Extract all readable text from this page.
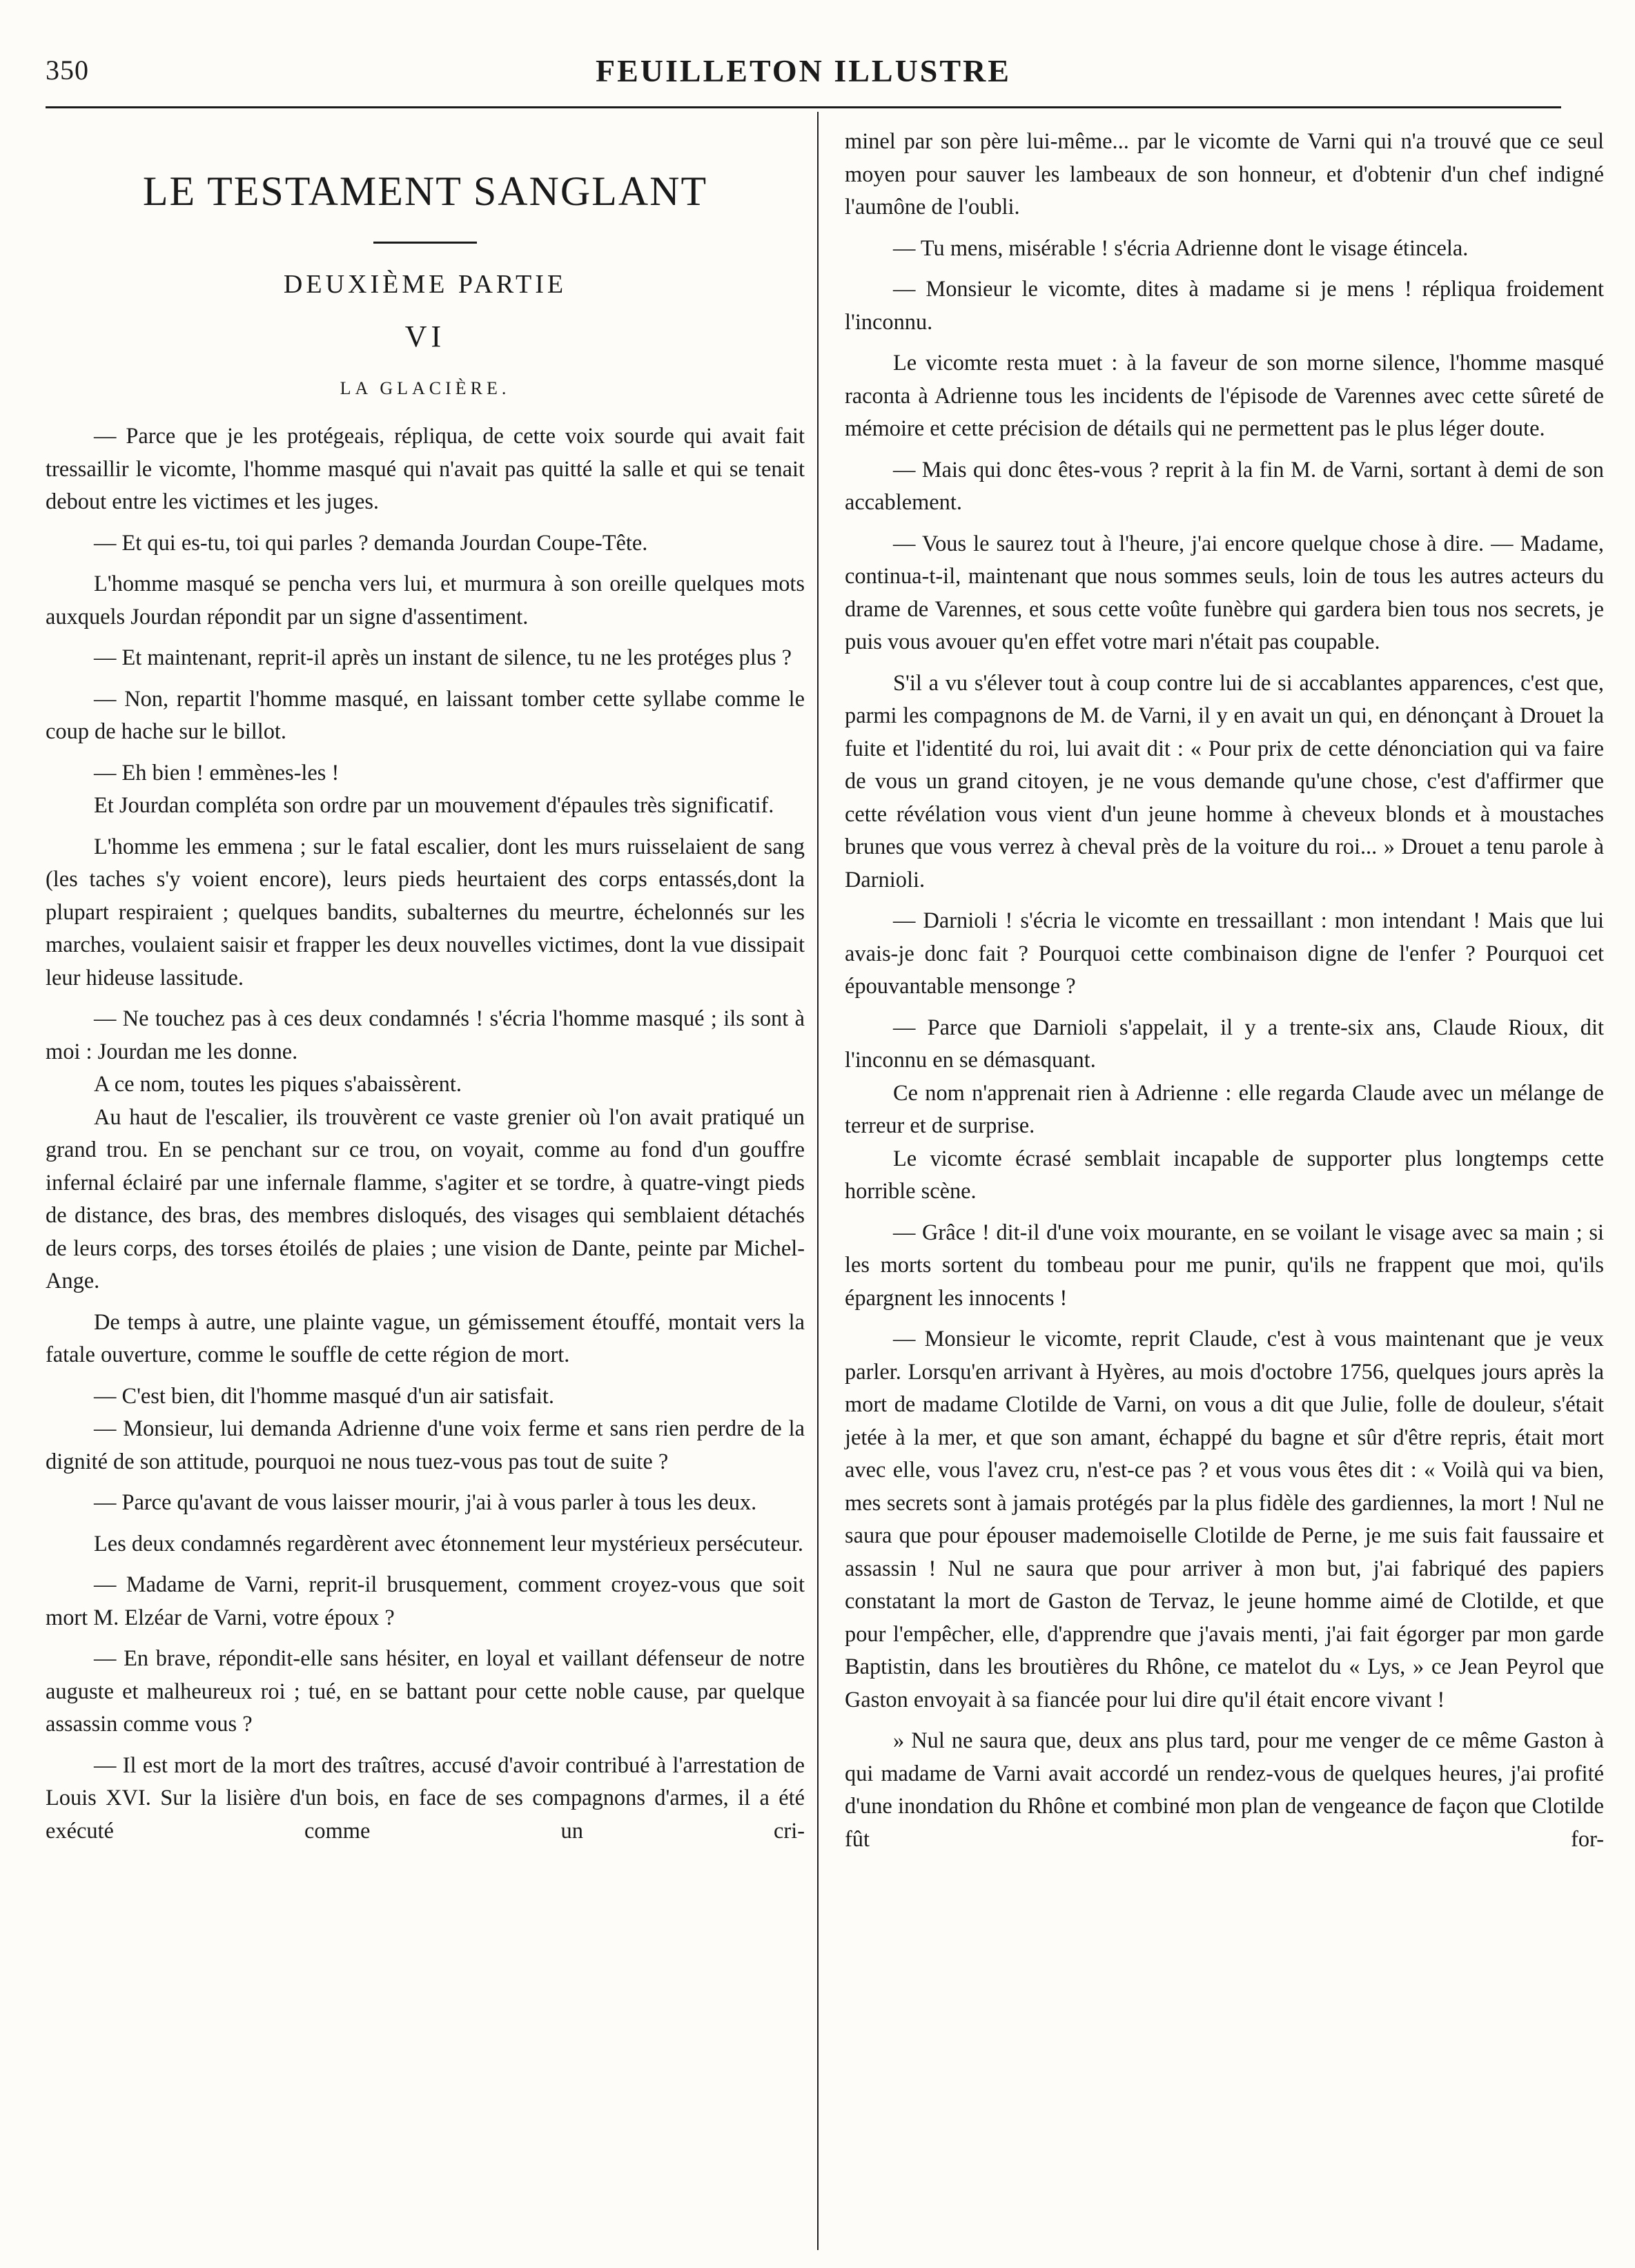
350	FEUILLETON ILLUSTRE
LE TESTAMENT SANGLANT
DEUXIÈME PARTIE
VI
LA GLACIÈRE.

— Parce que je les protégeais, répliqua, de cette voix sourde qui avait fait tressaillir le vicomte, l'homme masqué qui n'avait pas quitté la salle et qui se tenait debout entre les victimes et les juges.

— Et qui es-tu, toi qui parles ? demanda Jourdan Coupe-Tête.

L'homme masqué se pencha vers lui, et murmura à son oreille quelques mots auxquels Jourdan répondit par un signe d'assentiment.

— Et maintenant, reprit-il après un instant de silence, tu ne les protéges plus ?

— Non, repartit l'homme masqué, en laissant tomber cette syllabe comme le coup de hache sur le billot.

— Eh bien ! emmènes-les !

Et Jourdan compléta son ordre par un mouvement d'épaules très significatif.

L'homme les emmena ; sur le fatal escalier, dont les murs ruisselaient de sang (les taches s'y voient encore), leurs pieds heurtaient des corps entassés,dont la plupart respiraient ; quelques bandits, subalternes du meurtre, échelonnés sur les marches, voulaient saisir et frapper les deux nouvelles victimes, dont la vue dissipait leur hideuse lassitude.

— Ne touchez pas à ces deux condamnés ! s'écria l'homme masqué ; ils sont à moi : Jourdan me les donne.

A ce nom, toutes les piques s'abaissèrent.

Au haut de l'escalier, ils trouvèrent ce vaste grenier où l'on avait pratiqué un grand trou. En se penchant sur ce trou, on voyait, comme au fond d'un gouffre infernal éclairé par une infernale flamme, s'agiter et se tordre, à quatre-vingt pieds de distance, des bras, des membres disloqués, des visages qui semblaient détachés de leurs corps, des torses étoilés de plaies ; une vision de Dante, peinte par Michel-Ange.

De temps à autre, une plainte vague, un gémissement étouffé, montait vers la fatale ouverture, comme le souffle de cette région de mort.

— C'est bien, dit l'homme masqué d'un air satisfait.

— Monsieur, lui demanda Adrienne d'une voix ferme et sans rien perdre de la dignité de son attitude, pourquoi ne nous tuez-vous pas tout de suite ?

— Parce qu'avant de vous laisser mourir, j'ai à vous parler à tous les deux.

Les deux condamnés regardèrent avec étonnement leur mystérieux persécuteur.

— Madame de Varni, reprit-il brusquement, comment croyez-vous que soit mort M. Elzéar de Varni, votre époux ?

— En brave, répondit-elle sans hésiter, en loyal et vaillant défenseur de notre auguste et malheureux roi ; tué, en se battant pour cette noble cause, par quelque assassin comme vous ?

— Il est mort de la mort des traîtres, accusé d'avoir contribué à l'arrestation de Louis XVI. Sur la lisière d'un bois, en face de ses compagnons d'armes, il a été exécuté comme un cri-

minel par son père lui-même... par le vicomte de Varni qui n'a trouvé que ce seul moyen pour sauver les lambeaux de son honneur, et d'obtenir d'un chef indigné l'aumône de l'oubli.

— Tu mens, misérable ! s'écria Adrienne dont le visage étincela.

— Monsieur le vicomte, dites à madame si je mens ! répliqua froidement l'inconnu.

Le vicomte resta muet : à la faveur de son morne silence, l'homme masqué raconta à Adrienne tous les incidents de l'épisode de Varennes avec cette sûreté de mémoire et cette précision de détails qui ne permettent pas le plus léger doute.

— Mais qui donc êtes-vous ? reprit à la fin M. de Varni, sortant à demi de son accablement.

— Vous le saurez tout à l'heure, j'ai encore quelque chose à dire. — Madame, continua-t-il, maintenant que nous sommes seuls, loin de tous les autres acteurs du drame de Varennes, et sous cette voûte funèbre qui gardera bien tous nos secrets, je puis vous avouer qu'en effet votre mari n'était pas coupable.

S'il a vu s'élever tout à coup contre lui de si accablantes apparences, c'est que, parmi les compagnons de M. de Varni, il y en avait un qui, en dénonçant à Drouet la fuite et l'identité du roi, lui avait dit : « Pour prix de cette dénonciation qui va faire de vous un grand citoyen, je ne vous demande qu'une chose, c'est d'affirmer que cette révélation vous vient d'un jeune homme à cheveux blonds et à moustaches brunes que vous verrez à cheval près de la voiture du roi... » Drouet a tenu parole à Darnioli.

— Darnioli ! s'écria le vicomte en tressaillant : mon intendant ! Mais que lui avais-je donc fait ? Pourquoi cette combinaison digne de l'enfer ? Pourquoi cet épouvantable mensonge ?

— Parce que Darnioli s'appelait, il y a trente-six ans, Claude Rioux, dit l'inconnu en se démasquant.

Ce nom n'apprenait rien à Adrienne : elle regarda Claude avec un mélange de terreur et de surprise.

Le vicomte écrasé semblait incapable de supporter plus longtemps cette horrible scène.

— Grâce ! dit-il d'une voix mourante, en se voilant le visage avec sa main ; si les morts sortent du tombeau pour me punir, qu'ils ne frappent que moi, qu'ils épargnent les innocents !

— Monsieur le vicomte, reprit Claude, c'est à vous maintenant que je veux parler. Lorsqu'en arrivant à Hyères, au mois d'octobre 1756, quelques jours après la mort de madame Clotilde de Varni, on vous a dit que Julie, folle de douleur, s'était jetée à la mer, et que son amant, échappé du bagne et sûr d'être repris, était mort avec elle, vous l'avez cru, n'est-ce pas ? et vous vous êtes dit : « Voilà qui va bien, mes secrets sont à jamais protégés par la plus fidèle des gardiennes, la mort ! Nul ne saura que pour épouser mademoiselle Clotilde de Perne, je me suis fait faussaire et assassin ! Nul ne saura que pour arriver à mon but, j'ai fabriqué des papiers constatant la mort de Gaston de Tervaz, le jeune homme aimé de Clotilde, et que pour l'empêcher, elle, d'apprendre que j'avais menti, j'ai fait égorger par mon garde Baptistin, dans les broutières du Rhône, ce matelot du « Lys, » ce Jean Peyrol que Gaston envoyait à sa fiancée pour lui dire qu'il était encore vivant !

» Nul ne saura que, deux ans plus tard, pour me venger de ce même Gaston à qui madame de Varni avait accordé un rendez-vous de quelques heures, j'ai profité d'une inondation du Rhône et combiné mon plan de vengeance de façon que Clotilde fût for-
